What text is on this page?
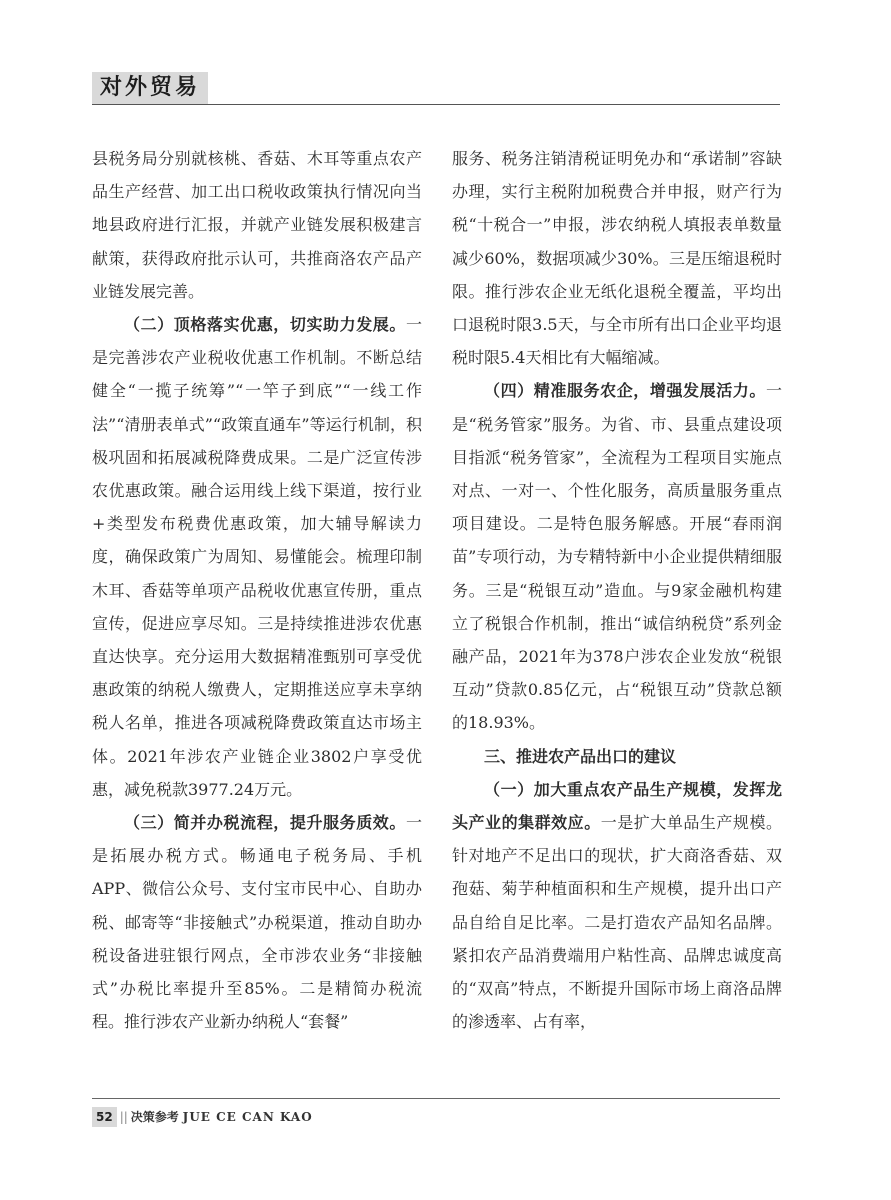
对外贸易

县税务局分别就核桃、香菇、木耳等重点农产品生产经营、加工出口税收政策执行情况向当地县政府进行汇报，并就产业链发展积极建言献策，获得政府批示认可，共推商洛农产品产业链发展完善。

（二）顶格落实优惠，切实助力发展。一是完善涉农产业税收优惠工作机制。不断总结健全“一揽子统筹”“一竿子到底”“一线工作法”“清册表单式”“政策直通车”等运行机制，积极巩固和拓展减税降费成果。二是广泛宣传涉农优惠政策。融合运用线上线下渠道，按行业+类型发布税费优惠政策，加大辅导解读力度，确保政策广为周知、易懂能会。梳理印制木耳、香菇等单项产品税收优惠宣传册，重点宣传，促进应享尽知。三是持续推进涉农优惠直达快享。充分运用大数据精准甄别可享受优惠政策的纳税人缴费人，定期推送应享未享纳税人名单，推进各项减税降费政策直达市场主体。2021年涉农产业链企业3802户享受优惠，减免税款3977.24万元。

（三）简并办税流程，提升服务质效。一是拓展办税方式。畅通电子税务局、手机APP、微信公众号、支付宝市民中心、自助办税、邮寄等“非接触式”办税渠道，推动自助办税设备进驻银行网点，全市涉农业务“非接触式”办税比率提升至85%。二是精简办税流程。推行涉农产业新办纳税人“套餐”

服务、税务注销清税证明免办和“承诺制”容缺办理，实行主税附加税费合并申报，财产行为税“十税合一”申报，涉农纳税人填报表单数量减少60%，数据项减少30%。三是压缩退税时限。推行涉农企业无纸化退税全覆盖，平均出口退税时限3.5天，与全市所有出口企业平均退税时限5.4天相比有大幅缩减。

（四）精准服务农企，增强发展活力。一是“税务管家”服务。为省、市、县重点建设项目指派“税务管家”，全流程为工程项目实施点对点、一对一、个性化服务，高质量服务重点项目建设。二是特色服务解感。开展“春雨润苗”专项行动，为专精特新中小企业提供精细服务。三是“税银互动”造血。与9家金融机构建立了税银合作机制，推出“诚信纳税贷”系列金融产品，2021年为378户涉农企业发放“税银互动”贷款0.85亿元，占“税银互动”贷款总额的18.93%。

三、推进农产品出口的建议

（一）加大重点农产品生产规模，发挥龙头产业的集群效应。一是扩大单品生产规模。针对地产不足出口的现状，扩大商洛香菇、双孢菇、菊芋种植面积和生产规模，提升出口产品自给自足比率。二是打造农产品知名品牌。紧扣农产品消费端用户粘性高、品牌忠诚度高的“双高”特点，不断提升国际市场上商洛品牌的渗透率、占有率，

52 || 决策参考 JUE CE CAN KAO
